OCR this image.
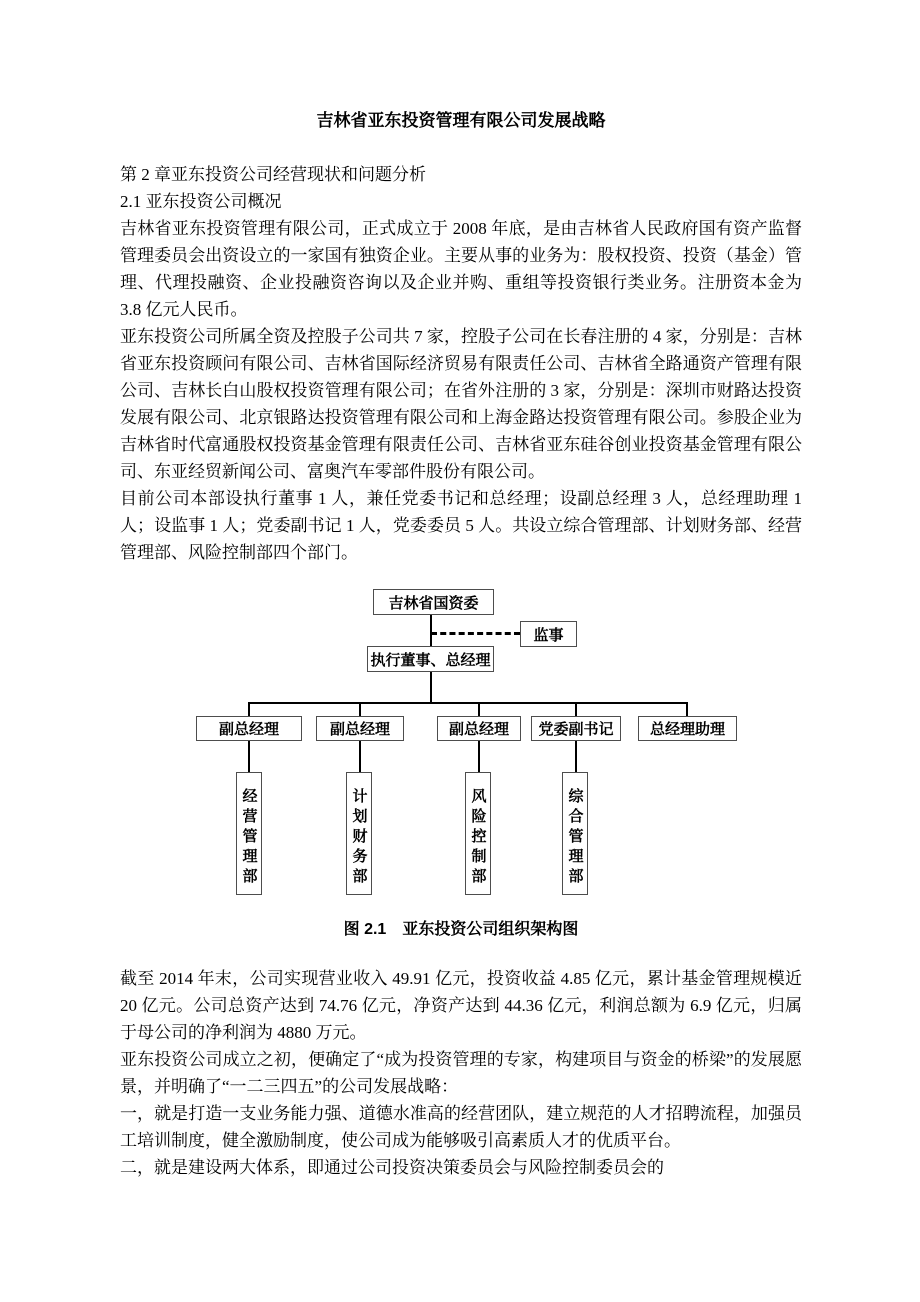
吉林省亚东投资管理有限公司发展战略

第 2 章亚东投资公司经营现状和问题分析

2.1 亚东投资公司概况

吉林省亚东投资管理有限公司，正式成立于 2008 年底，是由吉林省人民政府国有资产监督管理委员会出资设立的一家国有独资企业。主要从事的业务为：股权投资、投资（基金）管理、代理投融资、企业投融资咨询以及企业并购、重组等投资银行类业务。注册资本金为 3.8 亿元人民币。

亚东投资公司所属全资及控股子公司共 7 家，控股子公司在长春注册的 4 家，分别是：吉林省亚东投资顾问有限公司、吉林省国际经济贸易有限责任公司、吉林省全路通资产管理有限公司、吉林长白山股权投资管理有限公司；在省外注册的 3 家，分别是：深圳市财路达投资发展有限公司、北京银路达投资管理有限公司和上海金路达投资管理有限公司。参股企业为吉林省时代富通股权投资基金管理有限责任公司、吉林省亚东硅谷创业投资基金管理有限公司、东亚经贸新闻公司、富奥汽车零部件股份有限公司。

目前公司本部设执行董事 1 人，兼任党委书记和总经理；设副总经理 3 人，总经理助理 1 人；设监事 1 人；党委副书记 1 人，党委委员 5 人。共设立综合管理部、计划财务部、经营管理部、风险控制部四个部门。

吉林省国资委
监事
执行董事、总经理
副总经理	副总经理	副总经理	党委副书记	总经理助理
经营管理部	计划财务部	风险控制部	综合管理部

图 2.1　亚东投资公司组织架构图

截至 2014 年末，公司实现营业收入 49.91 亿元，投资收益 4.85 亿元，累计基金管理规模近 20 亿元。公司总资产达到 74.76 亿元，净资产达到 44.36 亿元，利润总额为 6.9 亿元，归属于母公司的净利润为 4880 万元。

亚东投资公司成立之初，便确定了“成为投资管理的专家，构建项目与资金的桥梁”的发展愿景，并明确了“一二三四五”的公司发展战略：

一，就是打造一支业务能力强、道德水准高的经营团队，建立规范的人才招聘流程，加强员工培训制度，健全激励制度，使公司成为能够吸引高素质人才的优质平台。

二，就是建设两大体系，即通过公司投资决策委员会与风险控制委员会的
